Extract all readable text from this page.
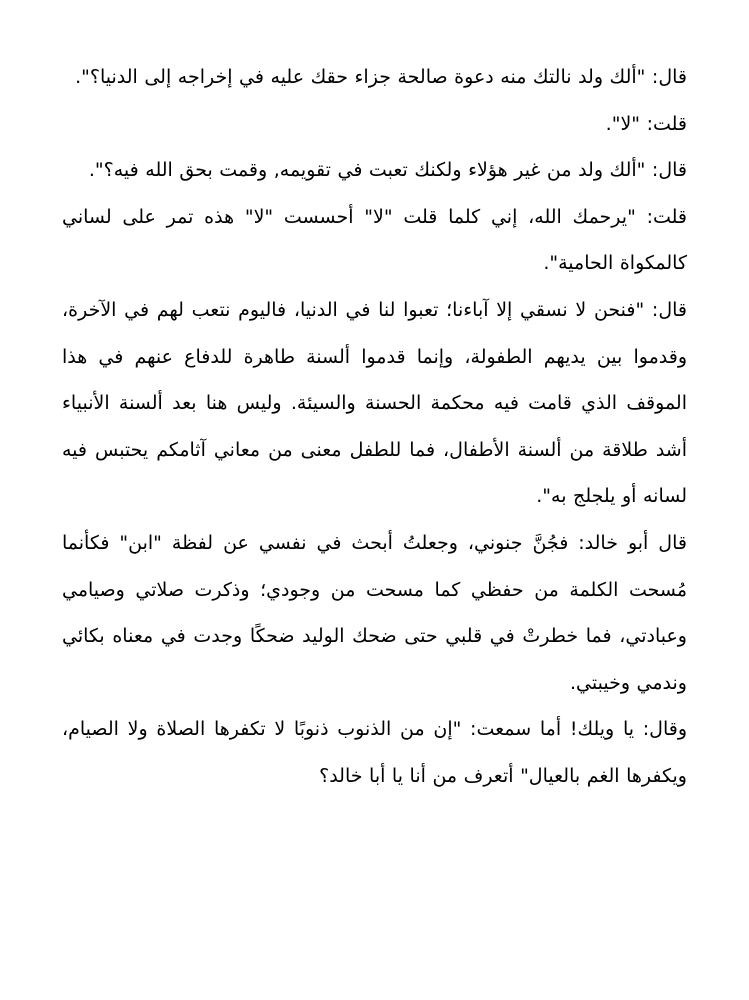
قال: "ألك ولد نالتك منه دعوة صالحة جزاء حقك عليه في إخراجه إلى الدنيا؟".

قلت: "لا".

قال: "ألك ولد من غير هؤلاء ولكنك تعبت في تقويمه, وقمت بحق الله فيه؟".

قلت: "يرحمك الله، إني كلما قلت "لا" أحسست "لا" هذه تمر على لساني كالمكواة الحامية".

قال: "فنحن لا نسقي إلا آباءنا؛ تعبوا لنا في الدنيا، فاليوم نتعب لهم في الآخرة، وقدموا بين يديهم الطفولة، وإنما قدموا ألسنة طاهرة للدفاع عنهم في هذا الموقف الذي قامت فيه محكمة الحسنة والسيئة. وليس هنا بعد ألسنة الأنبياء أشد طلاقة من ألسنة الأطفال، فما للطفل معنى من معاني آثامكم يحتبس فيه لسانه أو يلجلج به".

قال أبو خالد: فجُنَّ جنوني، وجعلتُ أبحث في نفسي عن لفظة "ابن" فكأنما مُسحت الكلمة من حفظي كما مسحت من وجودي؛ وذكرت صلاتي وصيامي وعبادتي، فما خطرتْ في قلبي حتى ضحك الوليد ضحكًا وجدت في معناه بكائي وندمي وخيبتي.

وقال: يا ويلك! أما سمعت: "إن من الذنوب ذنوبًا لا تكفرها الصلاة ولا الصيام، ويكفرها الغم بالعيال" أتعرف من أنا يا أبا خالد؟
